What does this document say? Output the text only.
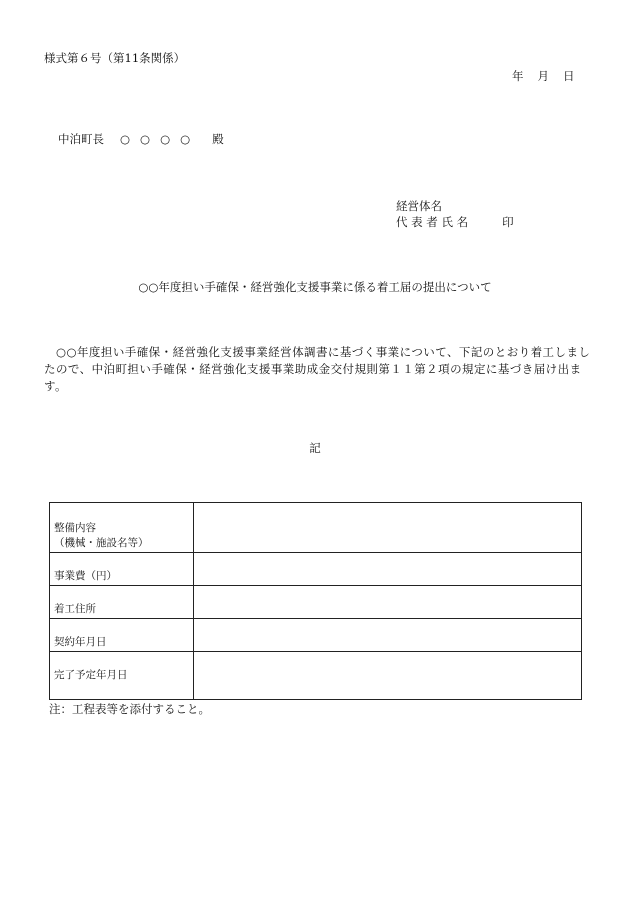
様式第６号（第11条関係）
年 月 日
中泊町長 ○ ○ ○ ○ 殿
経営体名
代 表 者 氏 名	印
○○年度担い手確保・経営強化支援事業に係る着工届の提出について
○○年度担い手確保・経営強化支援事業経営体調書に基づく事業について、下記のとおり着工しましたので、中泊町担い手確保・経営強化支援事業助成金交付規則第１１第２項の規定に基づき届け出ます。
記
整備内容
（機械・施設名等）	

事業費（円）	
着工住所	
契約年月日	
完了予定年月日	
注：工程表等を添付すること。
